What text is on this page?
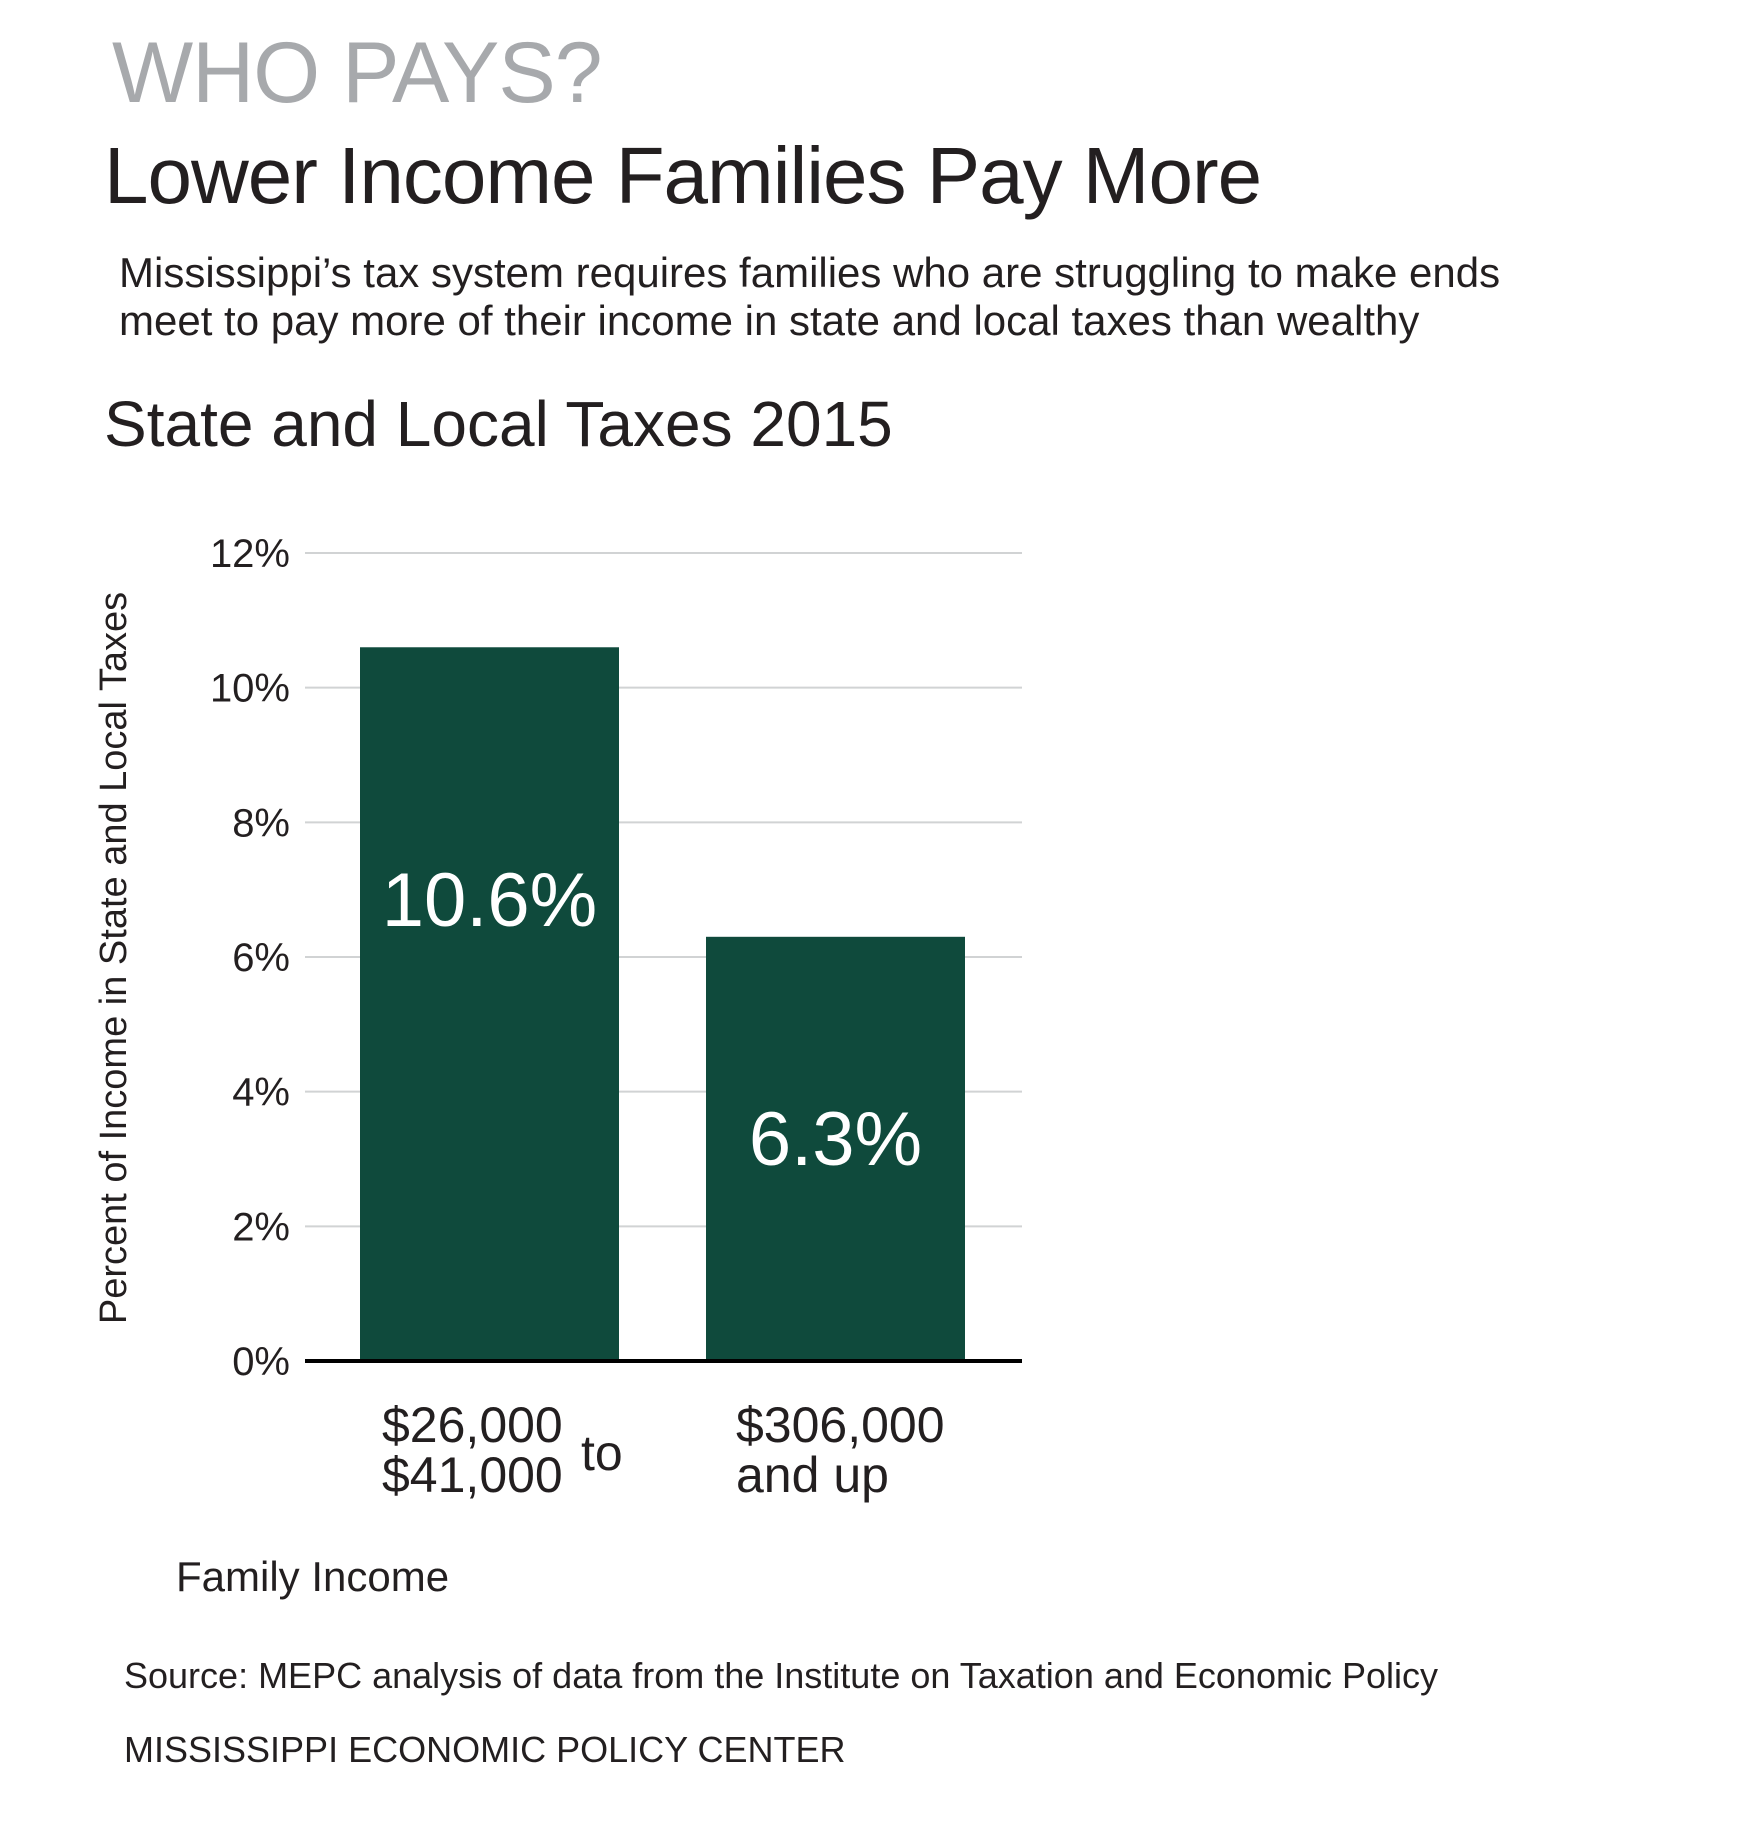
WHO PAYS?
Lower Income Families Pay More
Mississippi’s tax system requires families who are struggling to make ends
meet to pay more of their income in state and local taxes than wealthy
State and Local Taxes 2015
10.6%
6.3%
0%
2%
4%
6%
8%
10%
12%
$26,000
$41,000 to $306,000
and up
Percent of Income in State and Local Taxes
Family Income
Source: MEPC analysis of data from the Institute on Taxation and Economic Policy
MISSISSIPPI ECONOMIC POLICY CENTER
